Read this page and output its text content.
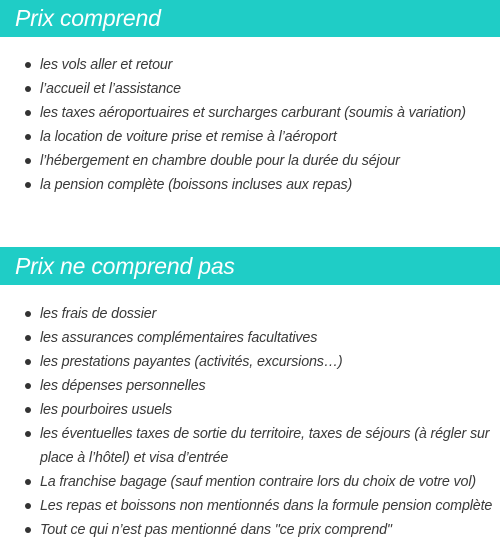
Prix comprend
les vols aller et retour
l’accueil et l’assistance
les taxes aéroportuaires et surcharges carburant (soumis à variation)
la location de voiture prise et remise à l’aéroport
l’hébergement en chambre double pour la durée du séjour
la pension complète (boissons incluses aux repas)
Prix ne comprend pas
les frais de dossier
les assurances complémentaires facultatives
les prestations payantes (activités, excursions…)
les dépenses personnelles
les pourboires usuels
les éventuelles taxes de sortie du territoire, taxes de séjours (à régler sur place à l’hôtel) et visa d’entrée
La franchise bagage (sauf mention contraire lors du choix de votre vol)
Les repas et boissons non mentionnés dans la formule pension complète
Tout ce qui n’est pas mentionné dans "ce prix comprend"
